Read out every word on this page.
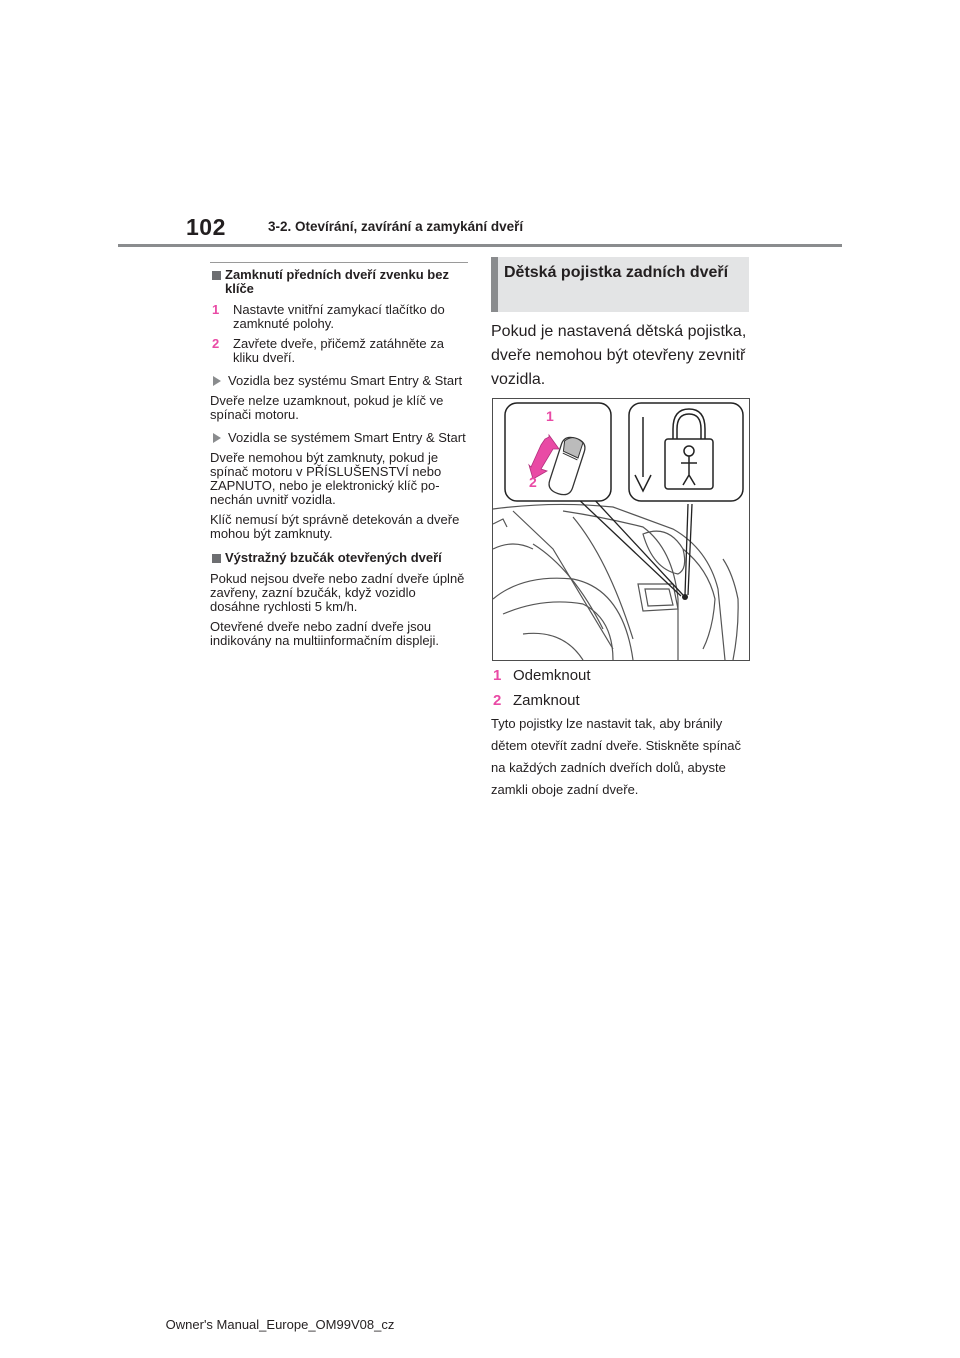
102	3-2. Otevírání, zavírání a zamykání dveří
Zamknutí předních dveří zvenku bez klíče
1	Nastavte vnitřní zamykací tlačítko do zamknuté polohy.
2	Zavřete dveře, přičemž zatáhněte za kliku dveří.
Vozidla bez systému Smart Entry & Start
Dveře nelze uzamknout, pokud je klíč ve spínači motoru.
Vozidla se systémem Smart Entry & Start
Dveře nemohou být zamknuty, pokud je spínač motoru v PŘÍSLUŠENSTVÍ nebo ZAPNUTO, nebo je elektronický klíč ponechán uvnitř vozidla.
Klíč nemusí být správně detekován a dveře mohou být zamknuty.
Výstražný bzučák otevřených dveří
Pokud nejsou dveře nebo zadní dveře úplně zavřeny, zazní bzučák, když vozidlo dosáhne rychlosti 5 km/h.
Otevřené dveře nebo zadní dveře jsou indikovány na multiinformačním displeji.
Dětská pojistka zadních dveří
Pokud je nastavená dětská pojistka, dveře nemohou být otevřeny zevnitř vozidla.
1
2
1 Odemknout
2 Zamknout
Tyto pojistky lze nastavit tak, aby bránily dětem otevřít zadní dveře. Stiskněte spínač na každých zadních dveřích dolů, abyste zamkli oboje zadní dveře.
Owner's Manual_Europe_OM99V08_cz
